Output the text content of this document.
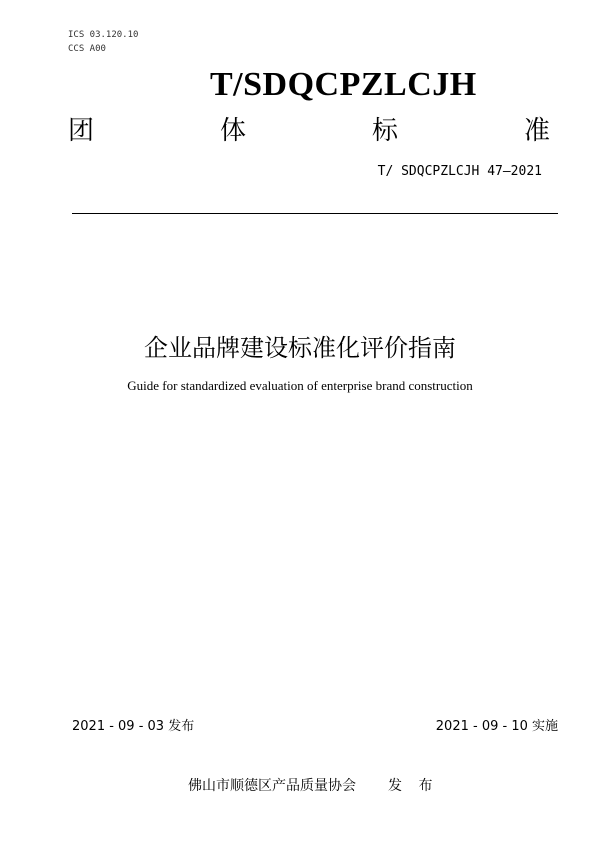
ICS 03.120.10
CCS A00
T/SDQCPZLCJH
团	体	标	准
T/ SDQCPZLCJH 47—2021
企业品牌建设标准化评价指南
Guide for standardized evaluation of enterprise brand construction
2021 - 09 - 03 发布	2021 - 09 - 10 实施
佛山市顺德区产品质量协会 发 布
